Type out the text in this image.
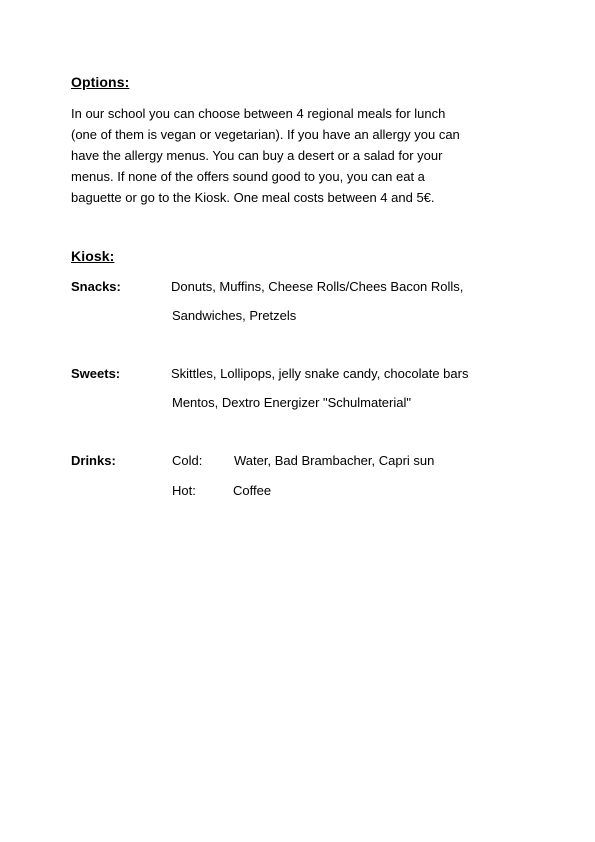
Options:
In our school you can choose between 4 regional meals for lunch
(one of them is vegan or vegetarian). If you have an allergy you can
have the allergy menus. You can buy a desert or a salad for your
menus. If none of the offers sound good to you, you can eat a
baguette or go to the Kiosk. One meal costs between 4 and 5€.
Kiosk:
Snacks:	Donuts, Muffins, Cheese Rolls/Chees Bacon Rolls,
Sandwiches, Pretzels
Sweets:	Skittles, Lollipops, jelly snake candy, chocolate bars
Mentos, Dextro Energizer "Schulmaterial"
Drinks:	Cold: Water, Bad Brambacher, Capri sun
Hot:	Coffee
